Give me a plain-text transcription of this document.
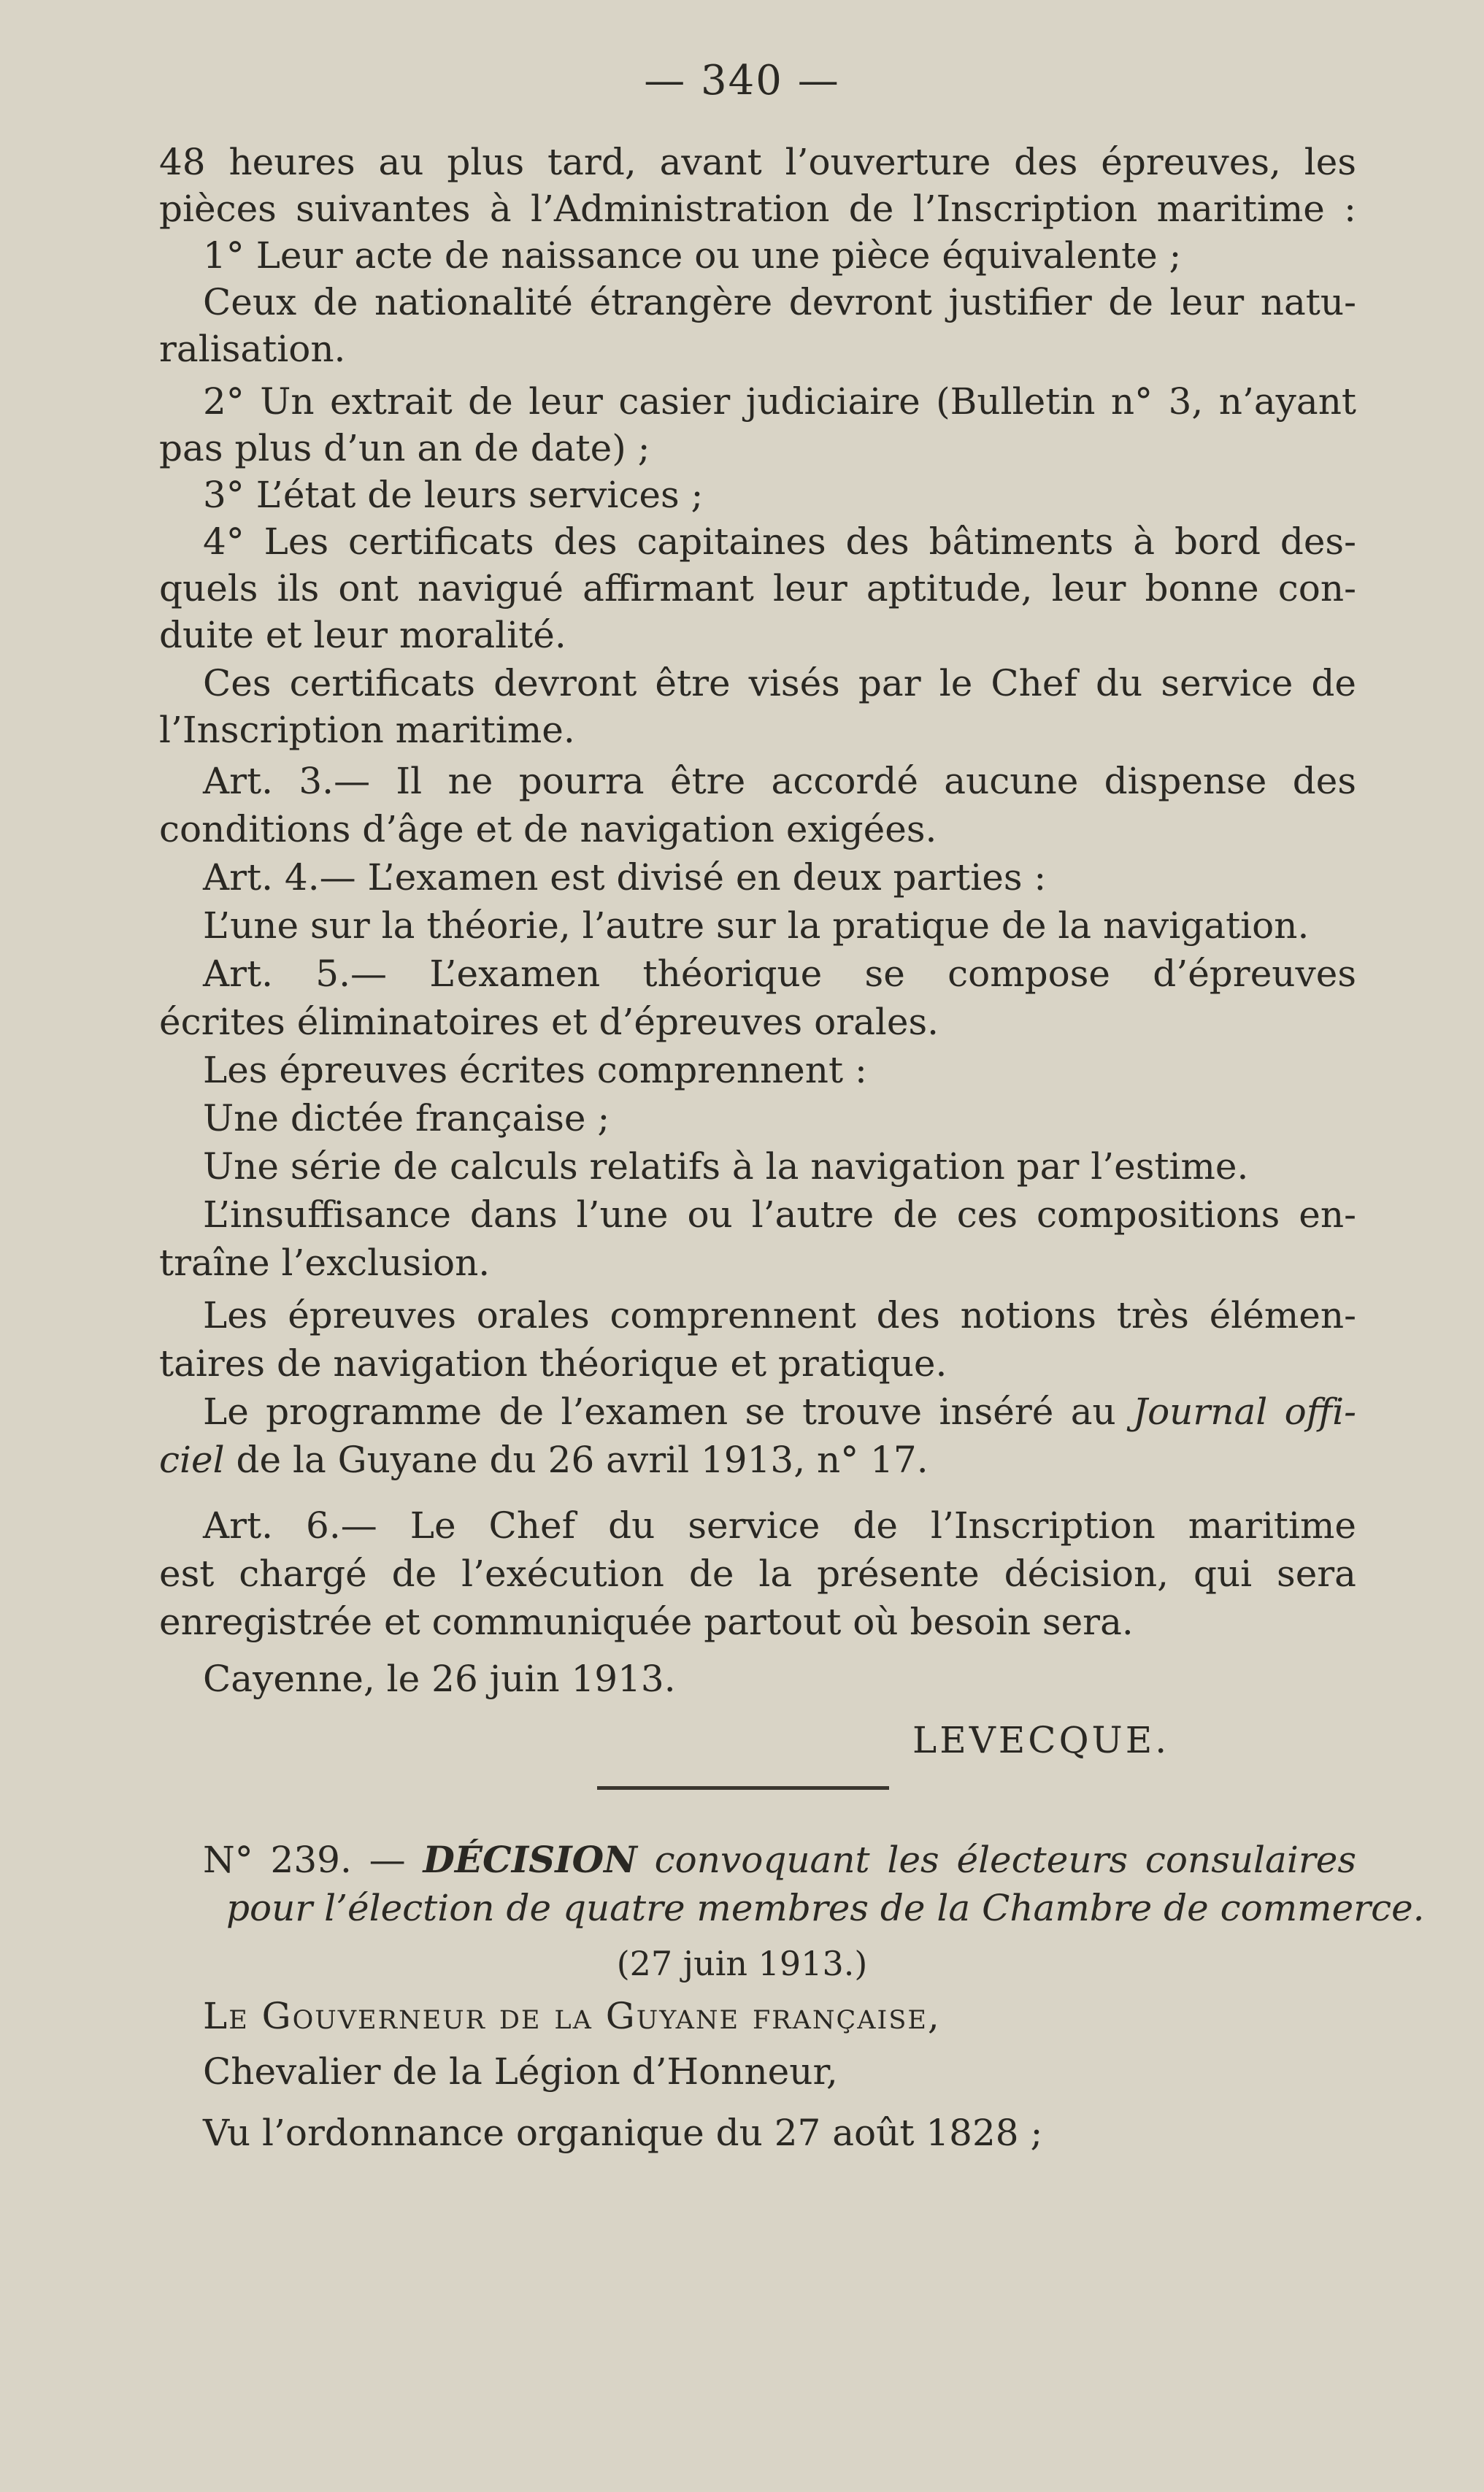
— 340 —
48 heures au plus tard, avant l’ouverture des épreuves, les
pièces suivantes à l’Administration de l’Inscription maritime :
1° Leur acte de naissance ou une pièce équivalente ;
Ceux de nationalité étrangère devront justifier de leur natu-
ralisation.
2° Un extrait de leur casier judiciaire (Bulletin n° 3, n’ayant
pas plus d’un an de date) ;
3° L’état de leurs services ;
4° Les certificats des capitaines des bâtiments à bord des-
quels ils ont navigué affirmant leur aptitude, leur bonne con-
duite et leur moralité.
Ces certificats devront être visés par le Chef du service de
l’Inscription maritime.
Art. 3.— Il ne pourra être accordé aucune dispense des
conditions d’âge et de navigation exigées.
Art. 4.— L’examen est divisé en deux parties :
L’une sur la théorie, l’autre sur la pratique de la navigation.
Art. 5.— L’examen théorique se compose d’épreuves
écrites éliminatoires et d’épreuves orales.
Les épreuves écrites comprennent :
Une dictée française ;
Une série de calculs relatifs à la navigation par l’estime.
L’insuffisance dans l’une ou l’autre de ces compositions en-
traîne l’exclusion.
Les épreuves orales comprennent des notions très élémen-
taires de navigation théorique et pratique.
Le programme de l’examen se trouve inséré au Journal offi-
ciel de la Guyane du 26 avril 1913, n° 17.
Art. 6.— Le Chef du service de l’Inscription maritime
est chargé de l’exécution de la présente décision, qui sera
enregistrée et communiquée partout où besoin sera.
Cayenne, le 26 juin 1913.
LEVECQUE.
N° 239. — DÉCISION convoquant les électeurs consulaires
pour l’élection de quatre membres de la Chambre de commerce.
(27 juin 1913.)
Le Gouverneur de la Guyane française,
Chevalier de la Légion d’Honneur,
Vu l’ordonnance organique du 27 août 1828 ;
